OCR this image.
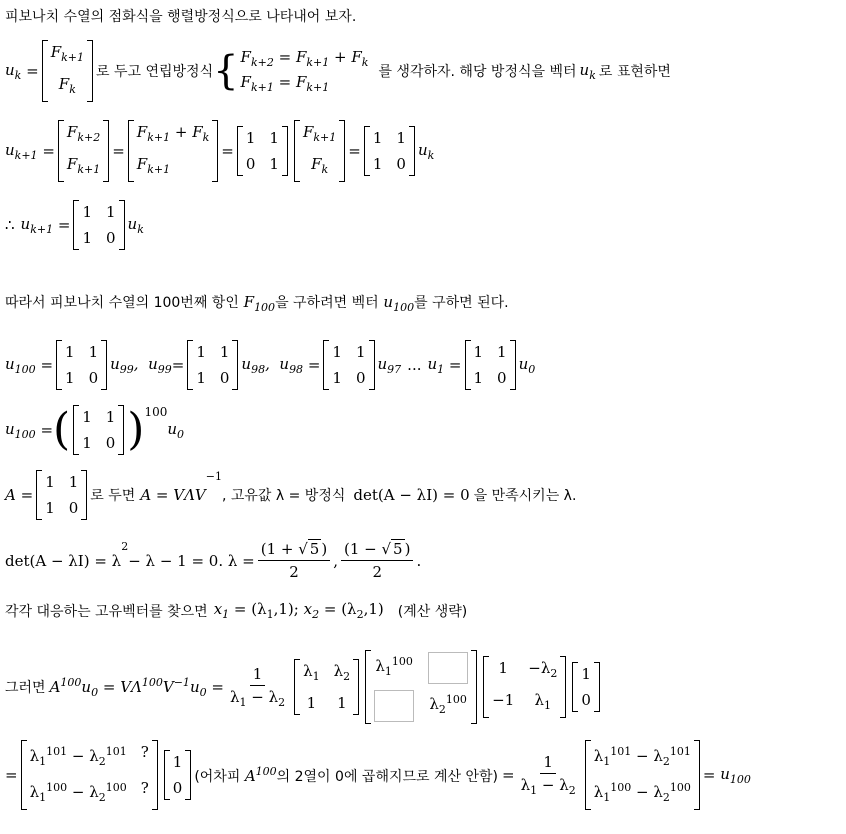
피보나치 수열의 점화식을 행렬방정식으로 나타내어 보자.
$u_k$ =
$F_{k+1}$
$F_k$
로 두고 연립방정식 { $F_{k+2} = F_{k+1} + F_k$
$F_{k+1} = F_{k+1}$
를 생각하자. 해당 방정식을 벡터 $u_k$ 로 표현하면
$u_{k+1}$ =
$F_{k+2}$
$F_{k+1}$
=
$F_{k+1} + F_k$
$F_{k+1}$
=
1 1
0 1
$F_{k+1}$
$F_k$
=
1 1
1 0
$u_k$
∴ $u_{k+1}$ =
1 1
1 0
$u_k$
따라서 피보나치 수열의 100번째 항인 $F_{100}$을 구하려면 벡터 $u_{100}$를 구하면 된다.
$u_{100}$ =
1 1
1 0
$u_{99}$,  $u_{99}$ =
1 1
1 0
$u_{98}$,  $u_{98}$ =
1 1
1 0
$u_{97}$ ... $u_1$ =
1 1
1 0
$u_0$
$u_{100}$ = ( 1 1
1 0 ) 100
$u_0$
A =
1 1
1 0
로 두면 A = VΛV
−1
, 고유값 λ = 방정식 det(A − λI) = 0 을 만족시키는 λ.
det(A − λI) = λ
$^2$
− λ − 1 = 0. $\lambda = \frac{(1 + √ 5 )}{2}$ , $\frac{(1 - √ 5 )}{2}$ .
각각 대응하는 고유벡터를 찾으면 $x_1 = (\lambda_1,1)$; $x_2 = (\lambda_2,1)$ (계산 생략)
그러면 $A^{100}u_0 = V\Lambda^{100}V^{-1}u_0 = \frac{1}{\lambda_1 - \lambda_2} \lambda_1$ $\lambda_2$
1 1
$\lambda_1^{100}$
$\lambda_2^{100}$
1	$-\lambda_2$
−1	$\lambda_1$
1
0
=
$\lambda_1^{101} - \lambda_2^{101}$ ?
$\lambda_1^{100} - \lambda_2^{100}$ ?
1
0
(어차피 $A^{100}$의 2열이 0에 곱해지므로 계산 안함) = $\frac{1}{\lambda_1 - \lambda_2} \lambda_1^{101} - \lambda_2^{101}$
$\lambda_1^{100} - \lambda_2^{100}$
= $u_{100}$
